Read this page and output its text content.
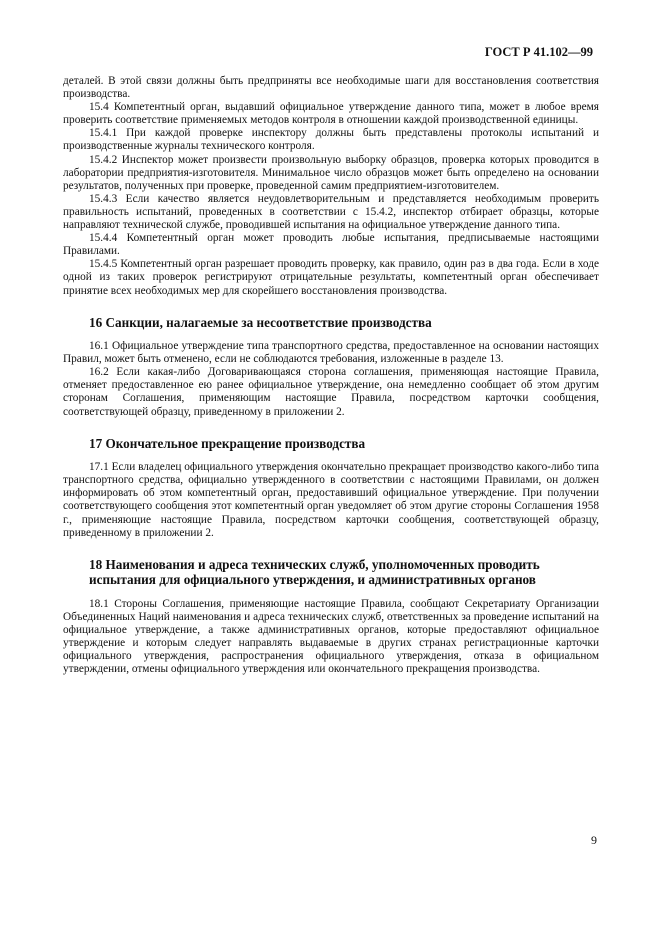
ГОСТ Р 41.102—99

деталей. В этой связи должны быть предприняты все необходимые шаги для восстановления соответствия производства.

15.4 Компетентный орган, выдавший официальное утверждение данного типа, может в любое время проверить соответствие применяемых методов контроля в отношении каждой производственной единицы.

15.4.1 При каждой проверке инспектору должны быть представлены протоколы испытаний и производственные журналы технического контроля.

15.4.2 Инспектор может произвести произвольную выборку образцов, проверка которых проводится в лаборатории предприятия-изготовителя. Минимальное число образцов может быть определено на основании результатов, полученных при проверке, проведенной самим предприятием-изготовителем.

15.4.3 Если качество является неудовлетворительным и представляется необходимым проверить правильность испытаний, проведенных в соответствии с 15.4.2, инспектор отбирает образцы, которые направляют технической службе, проводившей испытания на официальное утверждение данного типа.

15.4.4 Компетентный орган может проводить любые испытания, предписываемые настоящими Правилами.

15.4.5 Компетентный орган разрешает проводить проверку, как правило, один раз в два года. Если в ходе одной из таких проверок регистрируют отрицательные результаты, компетентный орган обеспечивает принятие всех необходимых мер для скорейшего восстановления производства.

16 Санкции, налагаемые за несоответствие производства

16.1 Официальное утверждение типа транспортного средства, предоставленное на основании настоящих Правил, может быть отменено, если не соблюдаются требования, изложенные в разделе 13.

16.2 Если какая-либо Договаривающаяся сторона соглашения, применяющая настоящие Правила, отменяет предоставленное ею ранее официальное утверждение, она немедленно сообщает об этом другим сторонам Соглашения, применяющим настоящие Правила, посредством карточки сообщения, соответствующей образцу, приведенному в приложении 2.

17 Окончательное прекращение производства

17.1 Если владелец официального утверждения окончательно прекращает производство какого-либо типа транспортного средства, официально утвержденного в соответствии с настоящими Правилами, он должен информировать об этом компетентный орган, предоставивший официальное утверждение. При получении соответствующего сообщения этот компетентный орган уведомляет об этом другие стороны Соглашения 1958 г., применяющие настоящие Правила, посредством карточки сообщения, соответствующей образцу, приведенному в приложении 2.

18 Наименования и адреса технических служб, уполномоченных проводить испытания для официального утверждения, и административных органов

18.1 Стороны Соглашения, применяющие настоящие Правила, сообщают Секретариату Организации Объединенных Наций наименования и адреса технических служб, ответственных за проведение испытаний на официальное утверждение, а также административных органов, которые предоставляют официальное утверждение и которым следует направлять выдаваемые в других странах регистрационные карточки официального утверждения, распространения официального утверждения, отказа в официальном утверждении, отмены официального утверждения или окончательного прекращения производства.

9
